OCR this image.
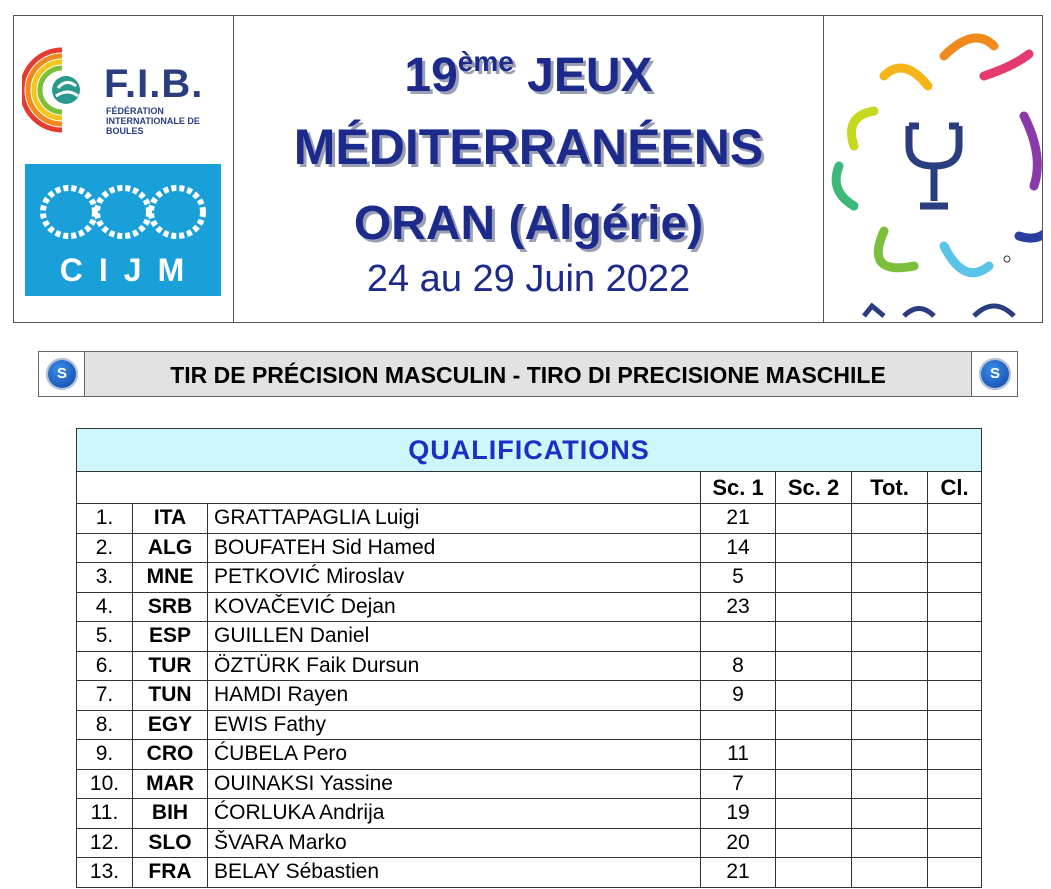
F.I.B.
FÉDÉRATION INTERNATIONALE DE BOULES
CIJM
19ème JEUX
MÉDITERRANÉENS
ORAN (Algérie)
24 au 29 Juin 2022
S	TIR DE PRÉCISION MASCULIN - TIRO DI PRECISIONE MASCHILE	S
QUALIFICATIONS						
			Sc. 1	Sc. 2	Tot.	Cl.
1.	ITA	GRATTAPAGLIA Luigi	21			
2.	ALG	BOUFATEH Sid Hamed	14			
3.	MNE	PETKOVIĆ Miroslav	5			
4.	SRB	KOVAČEVIĆ Dejan	23			
5.	ESP	GUILLEN Daniel				
6.	TUR	ÖZTÜRK Faik Dursun	8			
7.	TUN	HAMDI Rayen	9			
8.	EGY	EWIS Fathy				
9.	CRO	ĆUBELA Pero	11			
10.	MAR	OUINAKSI Yassine	7			
11.	BIH	ĆORLUKA Andrija	19			
12.	SLO	ŠVARA Marko	20			
13.	FRA	BELAY Sébastien	21			
